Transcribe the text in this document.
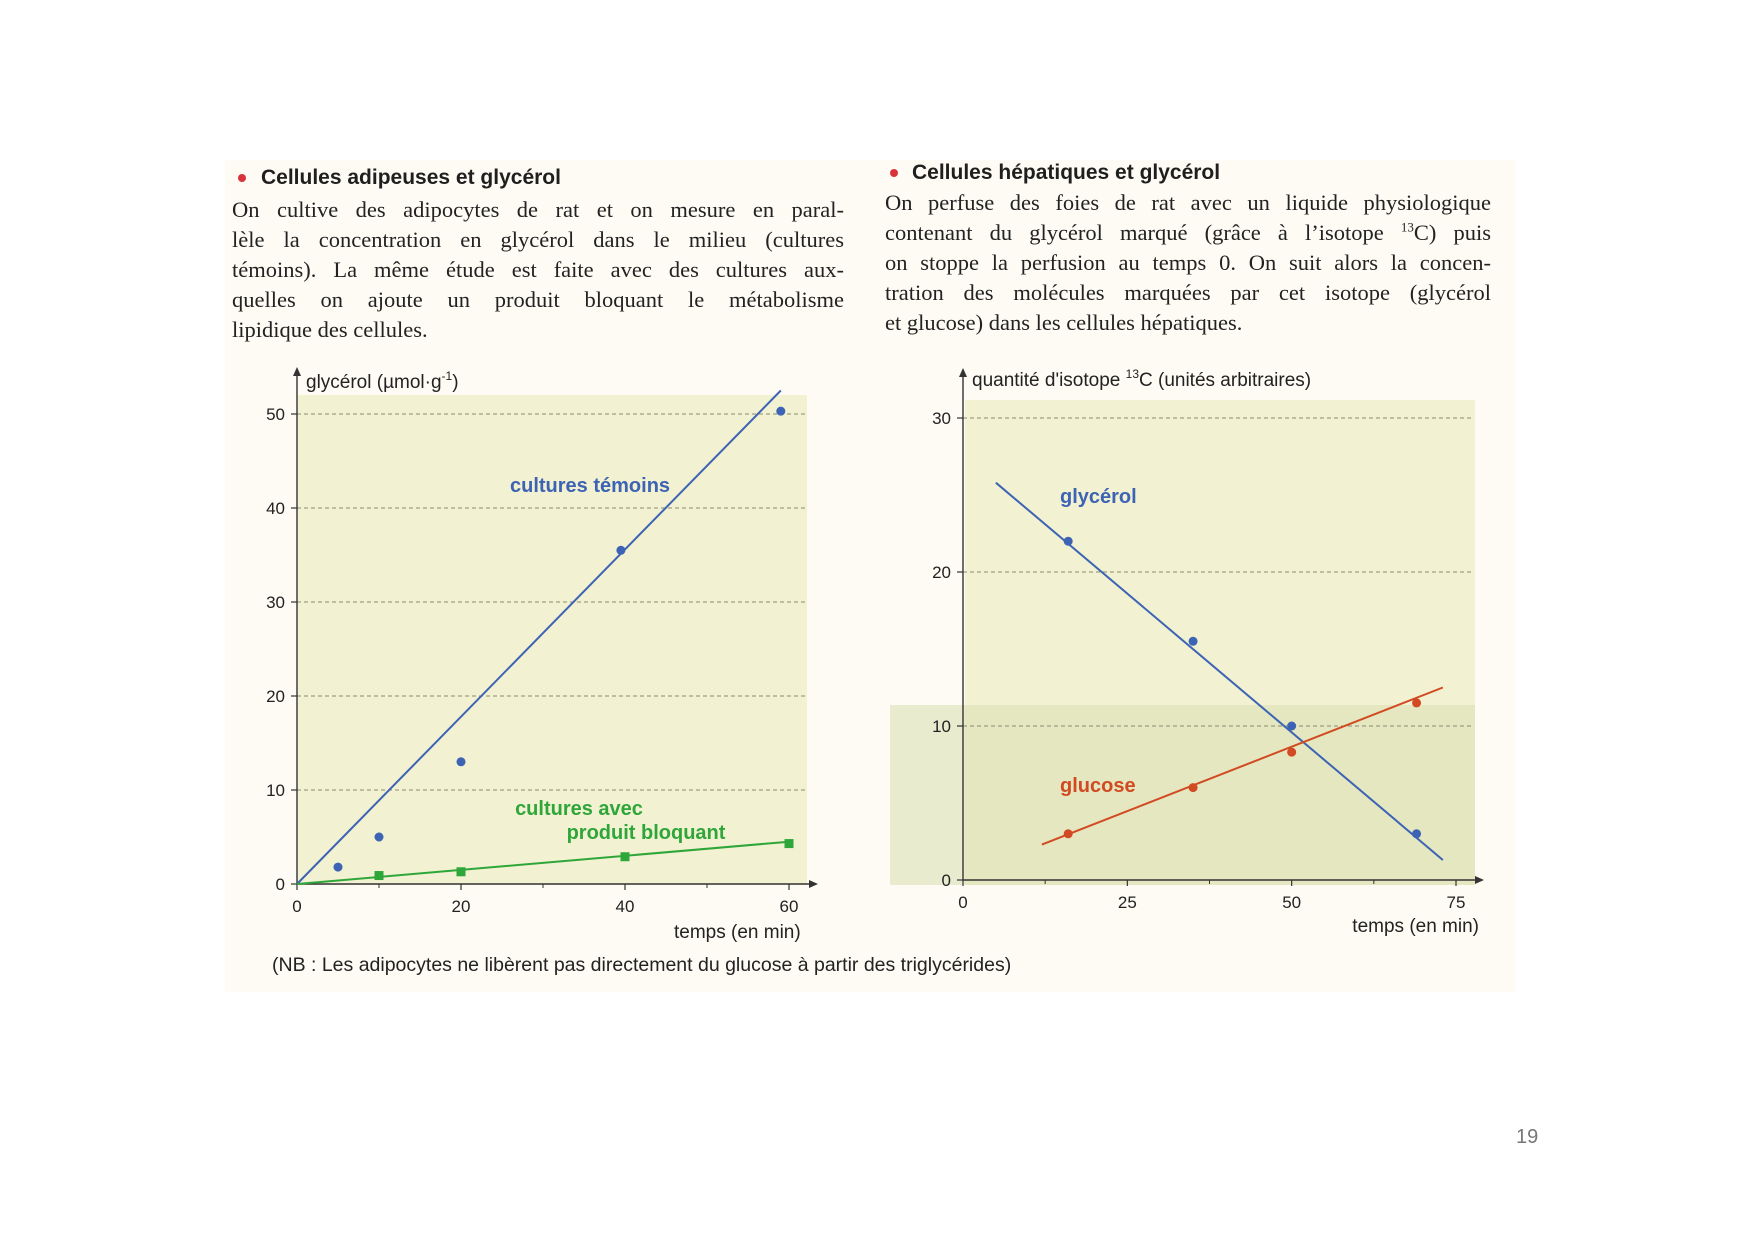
Cellules adipeuses et glycérol
On cultive des adipocytes de rat et on mesure en paral-
lèle la concentration en glycérol dans le milieu (cultures
témoins). La même étude est faite avec des cultures aux-
quelles on ajoute un produit bloquant le métabolisme
lipidique des cellules.
Cellules hépatiques et glycérol
On perfuse des foies de rat avec un liquide physiologique
contenant du glycérol marqué (grâce à l’isotope $^{13}$C) puis
on stoppe la perfusion au temps 0. On suit alors la concen-
tration des molécules marquées par cet isotope (glycérol
et glucose) dans les cellules hépatiques.
0
10
20
30
40
50
0	20	40	60
0
10
20
30
0	25	50	75
glycérol $(\mu mol\cdot g^{-1})$
temps (en min)
cultures témoins
cultures avec
produit bloquant
quantité d'isotope $^{13}$C (unités arbitraires)
temps (en min)
glycérol
glucose
(NB : Les adipocytes ne libèrent pas directement du glucose à partir des triglycérides)
19
